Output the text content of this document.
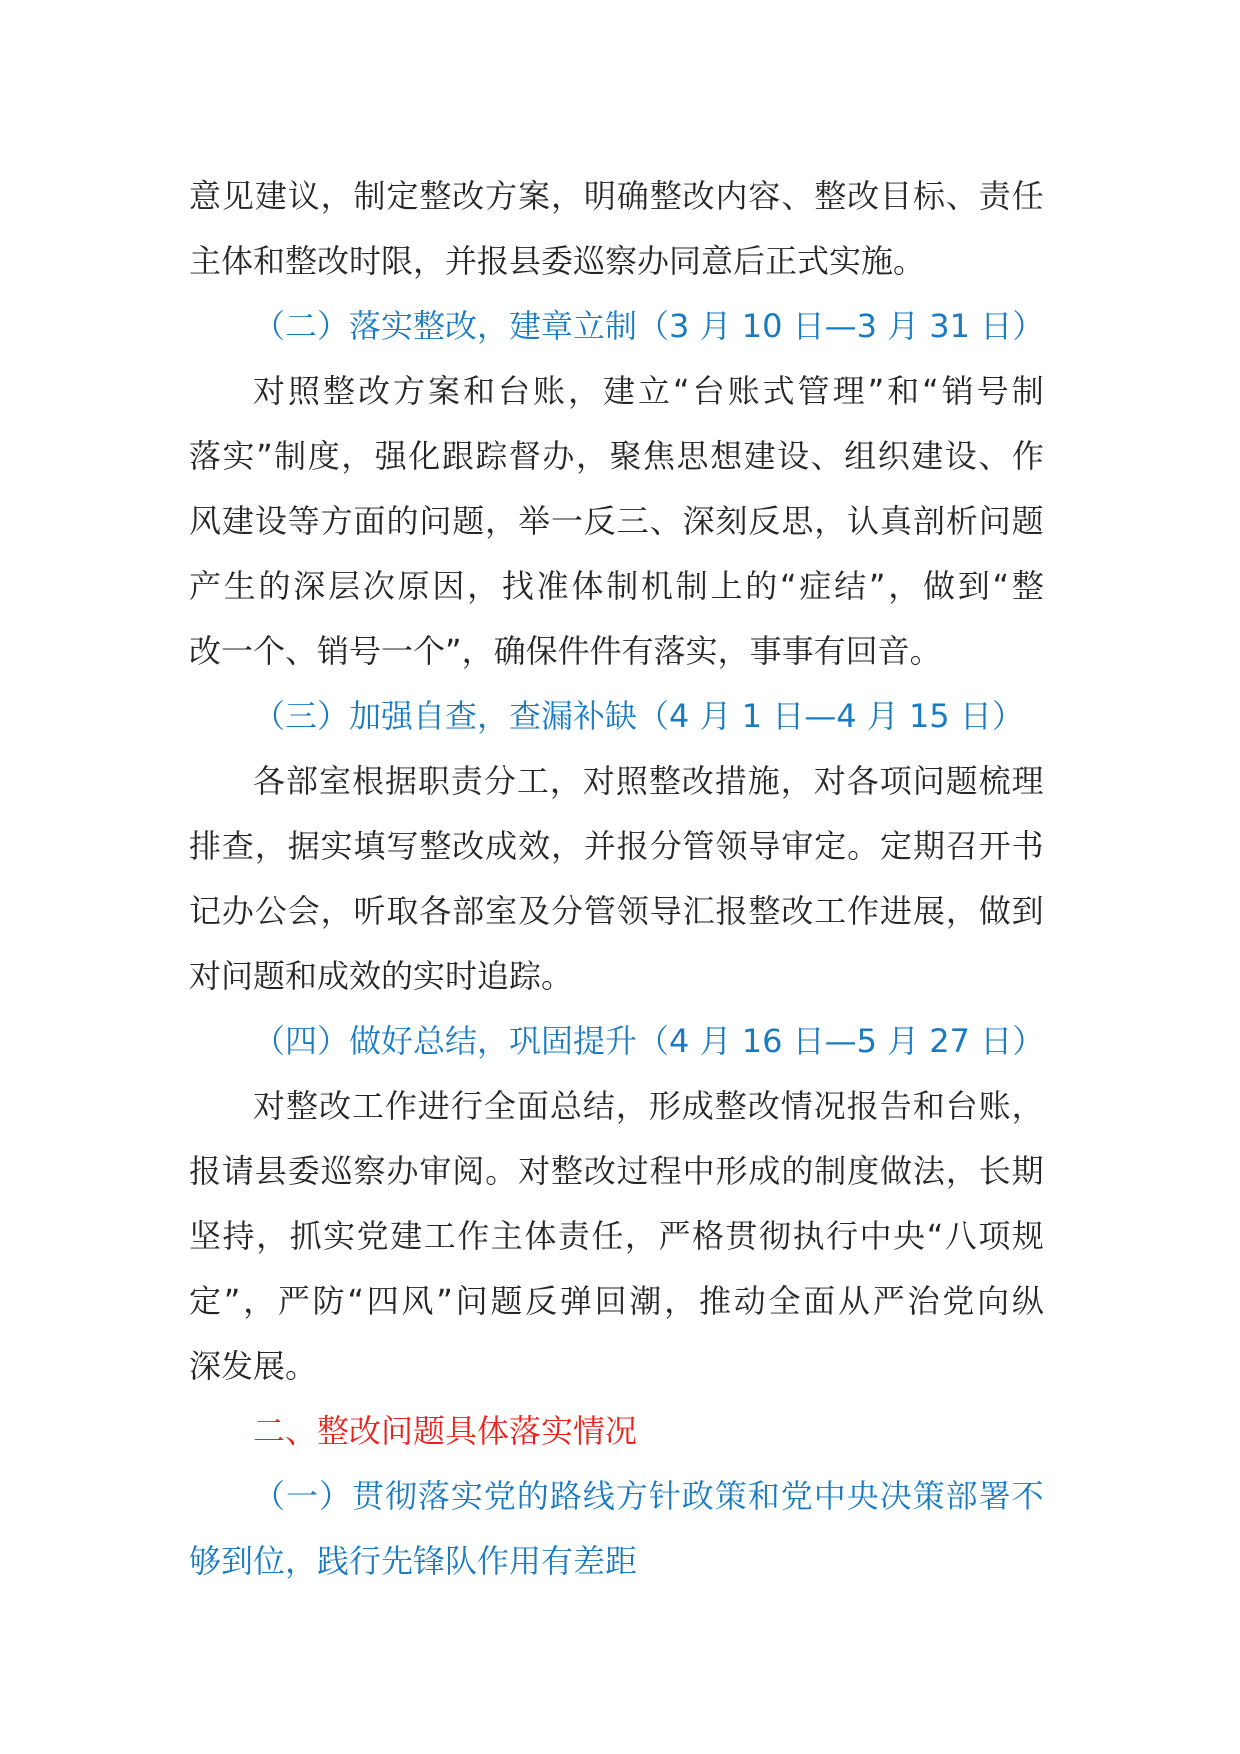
意 见 建 议 ， 制 定 整 改 方 案 ， 明 确 整 改 内 容 、 整 改 目 标 、 责 任
主体和整改时限，并报县委巡察办同意后正式实施。
（二）落实整改，建章立制（3 月 10 日—3 月 31 日）
对 照 整 改 方 案 和 台 账 ， 建 立 “ 台 账 式 管 理 ” 和 “ 销 号 制
落 实 ” 制 度 ， 强 化 跟 踪 督 办 ， 聚 焦 思 想 建 设 、 组 织 建 设 、 作
风 建 设 等 方 面 的 问 题 ， 举 一 反 三 、 深 刻 反 思 ， 认 真 剖 析 问 题
产 生 的 深 层 次 原 因 ， 找 准 体 制 机 制 上 的 “ 症 结 ” ， 做 到 “ 整
改一个、销号一个”，确保件件有落实，事事有回音。
（三）加强自查，查漏补缺（4 月 1 日—4 月 15 日）
各 部 室 根 据 职 责 分 工 ， 对 照 整 改 措 施 ， 对 各 项 问 题 梳 理
排 查 ， 据 实 填 写 整 改 成 效 ， 并 报 分 管 领 导 审 定 。 定 期 召 开 书
记 办 公 会 ， 听 取 各 部 室 及 分 管 领 导 汇 报 整 改 工 作 进 展 ， 做 到
对问题和成效的实时追踪。
（四）做好总结，巩固提升（4 月 16 日—5 月 27 日）
对 整 改 工 作 进 行 全 面 总 结 ， 形 成 整 改 情 况 报 告 和 台 账 ，
报 请 县 委 巡 察 办 审 阅 。 对 整 改 过 程 中 形 成 的 制 度 做 法 ， 长 期
坚 持 ， 抓 实 党 建 工 作 主 体 责 任 ， 严 格 贯 彻 执 行 中 央 “ 八 项 规
定 ” ， 严 防 “ 四 风 ” 问 题 反 弹 回 潮 ， 推 动 全 面 从 严 治 党 向 纵
深发展。
二、整改问题具体落实情况
（ 一 ） 贯 彻 落 实 党 的 路 线 方 针 政 策 和 党 中 央 决 策 部 署 不
够到位，践行先锋队作用有差距
